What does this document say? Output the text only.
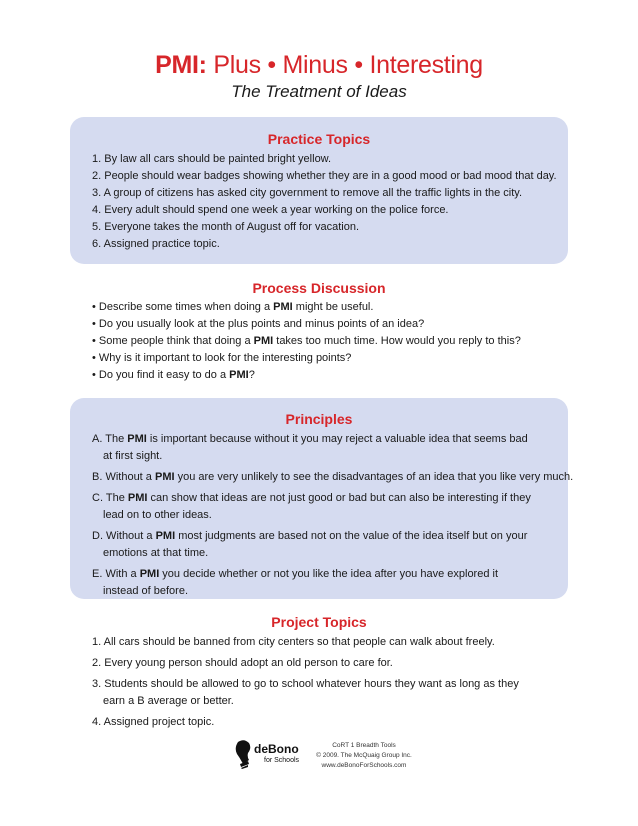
PMI: Plus • Minus • Interesting
The Treatment of Ideas
Practice Topics
1. By law all cars should be painted bright yellow.
2. People should wear badges showing whether they are in a good mood or bad mood that day.
3. A group of citizens has asked city government to remove all the traffic lights in the city.
4. Every adult should spend one week a year working on the police force.
5. Everyone takes the month of August off for vacation.
6. Assigned practice topic.
Process Discussion
• Describe some times when doing a PMI might be useful.
• Do you usually look at the plus points and minus points of an idea?
• Some people think that doing a PMI takes too much time. How would you reply to this?
• Why is it important to look for the interesting points?
• Do you find it easy to do a PMI?
Principles
A. The PMI is important because without it you may reject a valuable idea that seems bad at first sight.
B. Without a PMI you are very unlikely to see the disadvantages of an idea that you like very much.
C. The PMI can show that ideas are not just good or bad but can also be interesting if they lead on to other ideas.
D. Without a PMI most judgments are based not on the value of the idea itself but on your emotions at that time.
E. With a PMI you decide whether or not you like the idea after you have explored it instead of before.
Project Topics
1. All cars should be banned from city centers so that people can walk about freely.
2. Every young person should adopt an old person to care for.
3. Students should be allowed to go to school whatever hours they want as long as they earn a B average or better.
4. Assigned project topic.
deBono
for Schools
CoRT 1 Breadth Tools
© 2009. The McQuaig Group Inc.
www.deBonoForSchools.com
